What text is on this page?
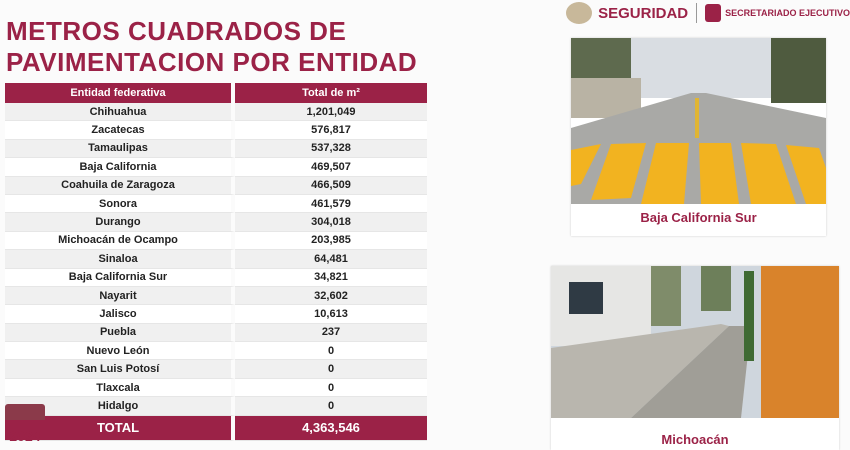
METROS CUADRADOS DE
PAVIMENTACION POR ENTIDAD
SEGURIDAD	SECRETARIADO EJECUTIVO
Entidad federativa	Total de m²
Chihuahua	1,201,049
Zacatecas	576,817
Tamaulipas	537,328
Baja California	469,507
Coahuila de Zaragoza	466,509
Sonora	461,579
Durango	304,018
Michoacán de Ocampo	203,985
Sinaloa	64,481
Baja California Sur	34,821
Nayarit	32,602
Jalisco	10,613
Puebla	237
Nuevo León	0
San Luis Potosí	0
Tlaxcala	0
Hidalgo	0
TOTAL	4,363,546
2024
Baja California Sur
Michoacán
